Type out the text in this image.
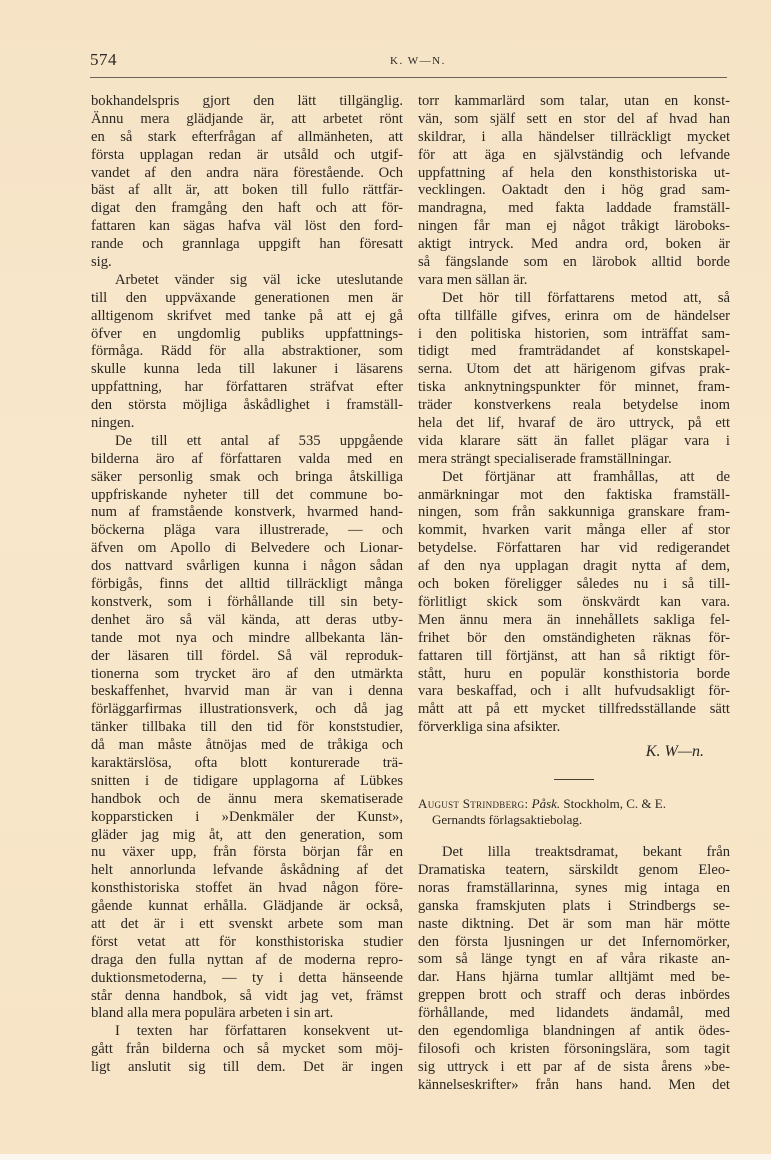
574	K. W—N.
bokhandelspris gjort den lätt tillgänglig.
Ännu mera glädjande är, att arbetet rönt
en så stark efterfrågan af allmänheten, att
första upplagan redan är utsåld och utgif-
vandet af den andra nära förestående. Och
bäst af allt är, att boken till fullo rättfär-
digat den framgång den haft och att för-
fattaren kan sägas hafva väl löst den ford-
rande och grannlaga uppgift han föresatt
sig.
Arbetet vänder sig väl icke uteslutande
till den uppväxande generationen men är
alltigenom skrifvet med tanke på att ej gå
öfver en ungdomlig publiks uppfattnings-
förmåga. Rädd för alla abstraktioner, som
skulle kunna leda till lakuner i läsarens
uppfattning, har författaren sträfvat efter
den största möjliga åskådlighet i framställ-
ningen.
De till ett antal af 535 uppgående
bilderna äro af författaren valda med en
säker personlig smak och bringa åtskilliga
uppfriskande nyheter till det commune bo-
num af framstående konstverk, hvarmed hand-
böckerna pläga vara illustrerade, — och
äfven om Apollo di Belvedere och Lionar-
dos nattvard svårligen kunna i någon sådan
förbigås, finns det alltid tillräckligt många
konstverk, som i förhållande till sin bety-
denhet äro så väl kända, att deras utby-
tande mot nya och mindre allbekanta län-
der läsaren till fördel. Så väl reproduk-
tionerna som trycket äro af den utmärkta
beskaffenhet, hvarvid man är van i denna
förläggarfirmas illustrationsverk, och då jag
tänker tillbaka till den tid för konststudier,
då man måste åtnöjas med de tråkiga och
karaktärslösa, ofta blott konturerade trä-
snitten i de tidigare upplagorna af Lübkes
handbok och de ännu mera skematiserade
kopparsticken i »Denkmäler der Kunst»,
gläder jag mig åt, att den generation, som
nu växer upp, från första början får en
helt annorlunda lefvande åskådning af det
konsthistoriska stoffet än hvad någon före-
gående kunnat erhålla. Glädjande är också,
att det är i ett svenskt arbete som man
först vetat att för konsthistoriska studier
draga den fulla nyttan af de moderna repro-
duktionsmetoderna, — ty i detta hänseende
står denna handbok, så vidt jag vet, främst
bland alla mera populära arbeten i sin art.
I texten har författaren konsekvent ut-
gått från bilderna och så mycket som möj-
ligt anslutit sig till dem. Det är ingen
torr kammarlärd som talar, utan en konst-
vän, som själf sett en stor del af hvad han
skildrar, i alla händelser tillräckligt mycket
för att äga en självständig och lefvande
uppfattning af hela den konsthistoriska ut-
vecklingen. Oaktadt den i hög grad sam-
mandragna, med fakta laddade framställ-
ningen får man ej något tråkigt läroboks-
aktigt intryck. Med andra ord, boken är
så fängslande som en lärobok alltid borde
vara men sällan är.
Det hör till författarens metod att, så
ofta tillfälle gifves, erinra om de händelser
i den politiska historien, som inträffat sam-
tidigt med framträdandet af konstskapel-
serna. Utom det att härigenom gifvas prak-
tiska anknytningspunkter för minnet, fram-
träder konstverkens reala betydelse inom
hela det lif, hvaraf de äro uttryck, på ett
vida klarare sätt än fallet plägar vara i
mera strängt specialiserade framställningar.
Det förtjänar att framhållas, att de
anmärkningar mot den faktiska framställ-
ningen, som från sakkunniga granskare fram-
kommit, hvarken varit många eller af stor
betydelse. Författaren har vid redigerandet
af den nya upplagan dragit nytta af dem,
och boken föreligger således nu i så till-
förlitligt skick som önskvärdt kan vara.
Men ännu mera än innehållets sakliga fel-
frihet bör den omständigheten räknas för-
fattaren till förtjänst, att han så riktigt för-
stått, huru en populär konsthistoria borde
vara beskaffad, och i allt hufvudsakligt för-
mått att på ett mycket tillfredsställande sätt
förverkliga sina afsikter.
K. W—n.
August Strindberg: Påsk. Stockholm, C. & E.
Gernandts förlagsaktiebolag.
Det lilla treaktsdramat, bekant från
Dramatiska teatern, särskildt genom Eleo-
noras framställarinna, synes mig intaga en
ganska framskjuten plats i Strindbergs se-
naste diktning. Det är som man här mötte
den första ljusningen ur det Infernomörker,
som så länge tyngt en af våra rikaste an-
dar. Hans hjärna tumlar alltjämt med be-
greppen brott och straff och deras inbördes
förhållande, med lidandets ändamål, med
den egendomliga blandningen af antik ödes-
filosofi och kristen försoningslära, som tagit
sig uttryck i ett par af de sista årens »be-
kännelseskrifter» från hans hand. Men det
